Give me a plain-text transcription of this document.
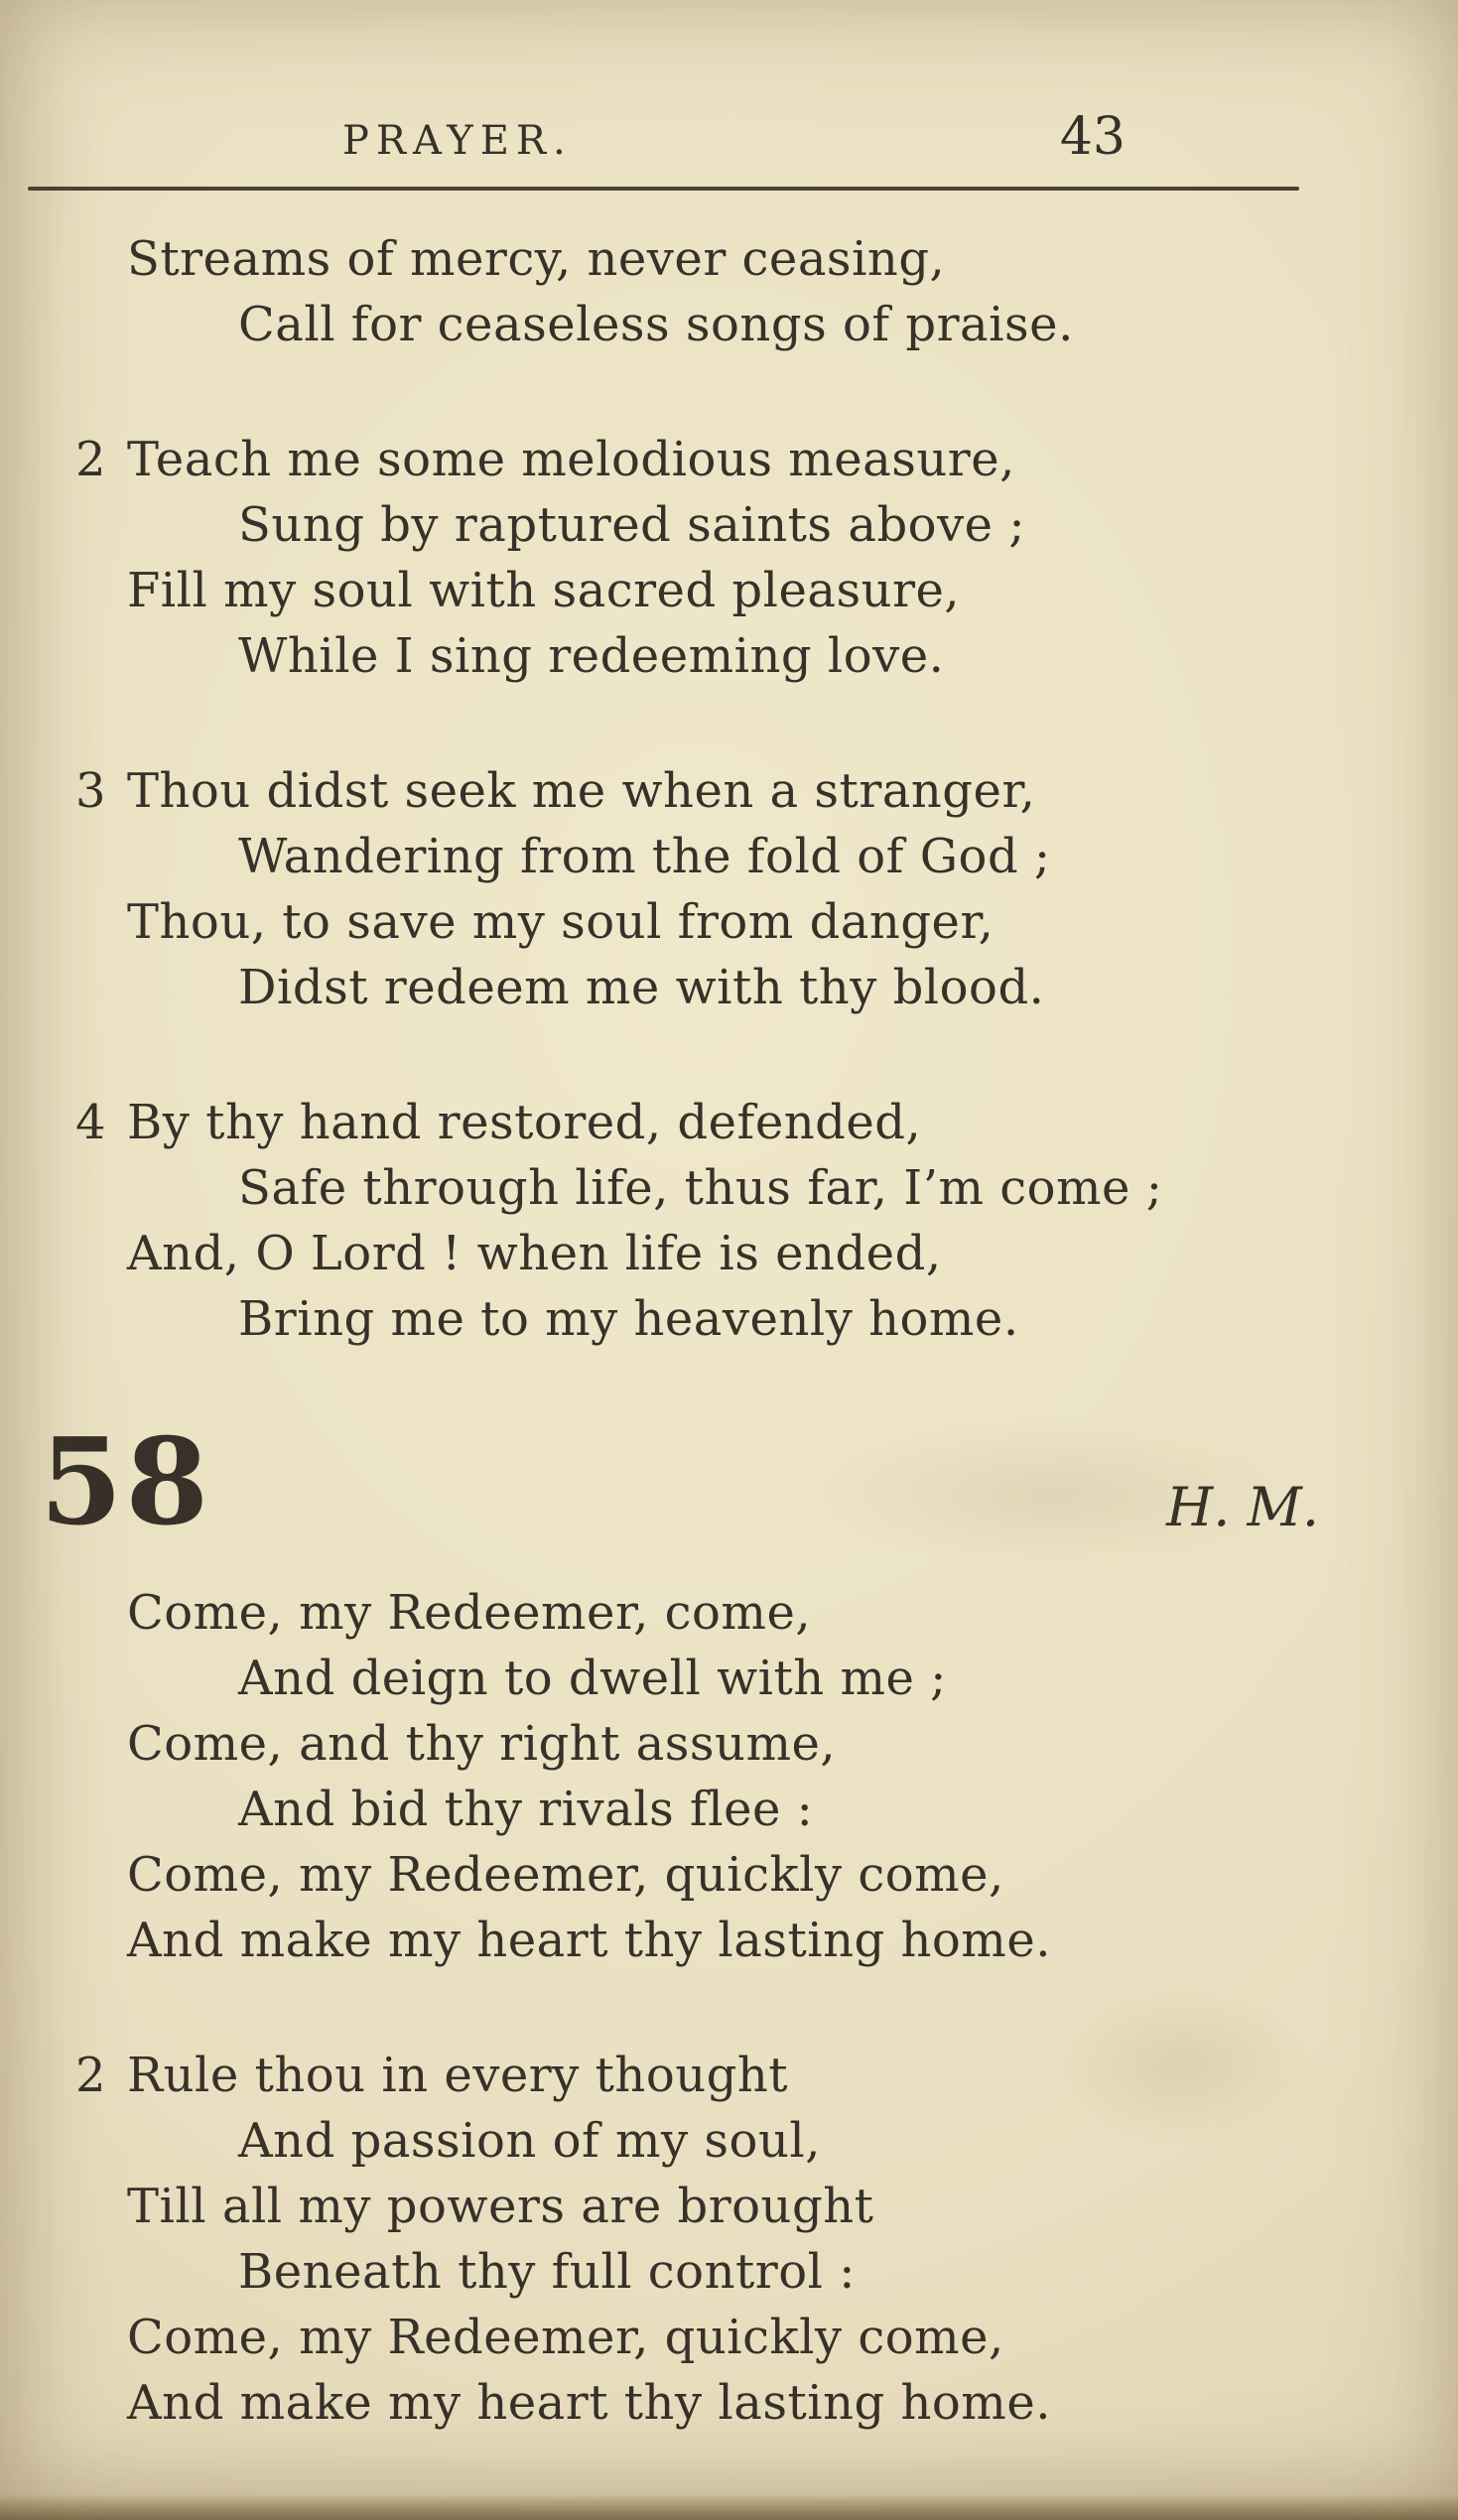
PRAYER.	43
Streams of mercy, never ceasing,
Call for ceaseless songs of praise.
2 Teach me some melodious measure,
Sung by raptured saints above ;
Fill my soul with sacred pleasure,
While I sing redeeming love.
3 Thou didst seek me when a stranger,
Wandering from the fold of God ;
Thou, to save my soul from danger,
Didst redeem me with thy blood.
4 By thy hand restored, defended,
Safe through life, thus far, I’m come ;
And, O Lord ! when life is ended,
Bring me to my heavenly home.
58	H. M.
Come, my Redeemer, come,
And deign to dwell with me ;
Come, and thy right assume,
And bid thy rivals flee :
Come, my Redeemer, quickly come,
And make my heart thy lasting home.
2 Rule thou in every thought
And passion of my soul,
Till all my powers are brought
Beneath thy full control :
Come, my Redeemer, quickly come,
And make my heart thy lasting home.
